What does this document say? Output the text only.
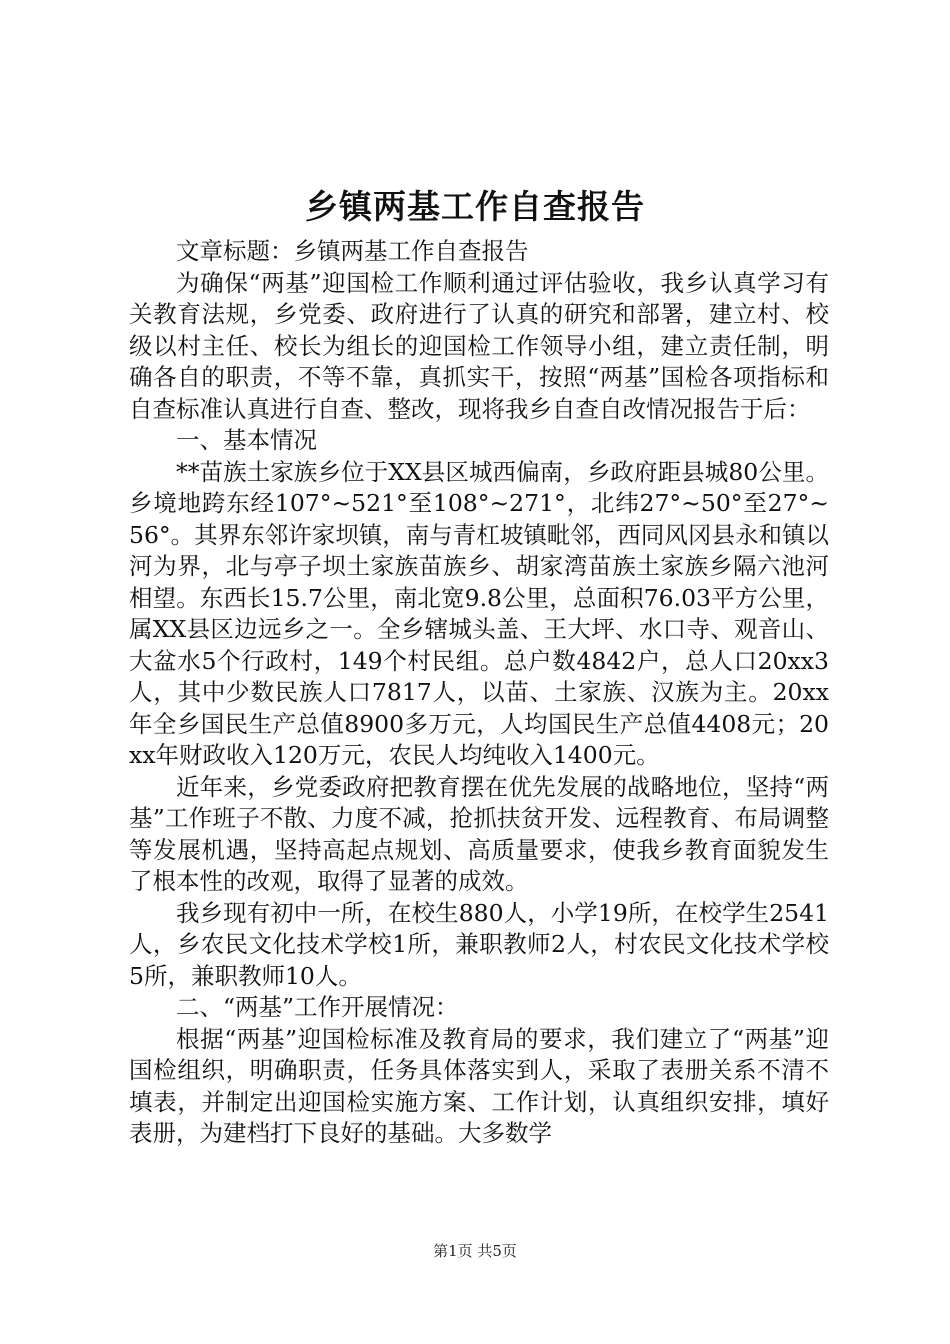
乡镇两基工作自查报告

文章标题：乡镇两基工作自查报告

为确保“两基”迎国检工作顺利通过评估验收，我乡认真学习有关教育法规，乡党委、政府进行了认真的研究和部署，建立村、校级以村主任、校长为组长的迎国检工作领导小组，建立责任制，明确各自的职责，不等不靠，真抓实干，按照“两基”国检各项指标和自查标准认真进行自查、整改，现将我乡自查自改情况报告于后：

一、基本情况

**苗族土家族乡位于XX县区城西偏南，乡政府距县城80公里。乡境地跨东经107°~521°至108°~271°，北纬27°~50°至27°~56°。其界东邻许家坝镇，南与青杠坡镇毗邻，西同风冈县永和镇以河为界，北与亭子坝土家族苗族乡、胡家湾苗族土家族乡隔六池河相望。东西长15.7公里，南北宽9.8公里，总面积76.03平方公里，属XX县区边远乡之一。全乡辖城头盖、王大坪、水口寺、观音山、大盆水5个行政村，149个村民组。总户数4842户，总人口20xx3人，其中少数民族人口7817人，以苗、土家族、汉族为主。20xx年全乡国民生产总值8900多万元，人均国民生产总值4408元；20xx年财政收入120万元，农民人均纯收入1400元。

近年来，乡党委政府把教育摆在优先发展的战略地位，坚持“两基”工作班子不散、力度不减，抢抓扶贫开发、远程教育、布局调整等发展机遇，坚持高起点规划、高质量要求，使我乡教育面貌发生了根本性的改观，取得了显著的成效。

我乡现有初中一所，在校生880人，小学19所，在校学生2541人，乡农民文化技术学校1所，兼职教师2人，村农民文化技术学校5所，兼职教师10人。

二、“两基”工作开展情况：

根据“两基”迎国检标准及教育局的要求，我们建立了“两基”迎国检组织，明确职责，任务具体落实到人，采取了表册关系不清不填表，并制定出迎国检实施方案、工作计划，认真组织安排，填好表册，为建档打下良好的基础。大多数学

第1页 共5页
